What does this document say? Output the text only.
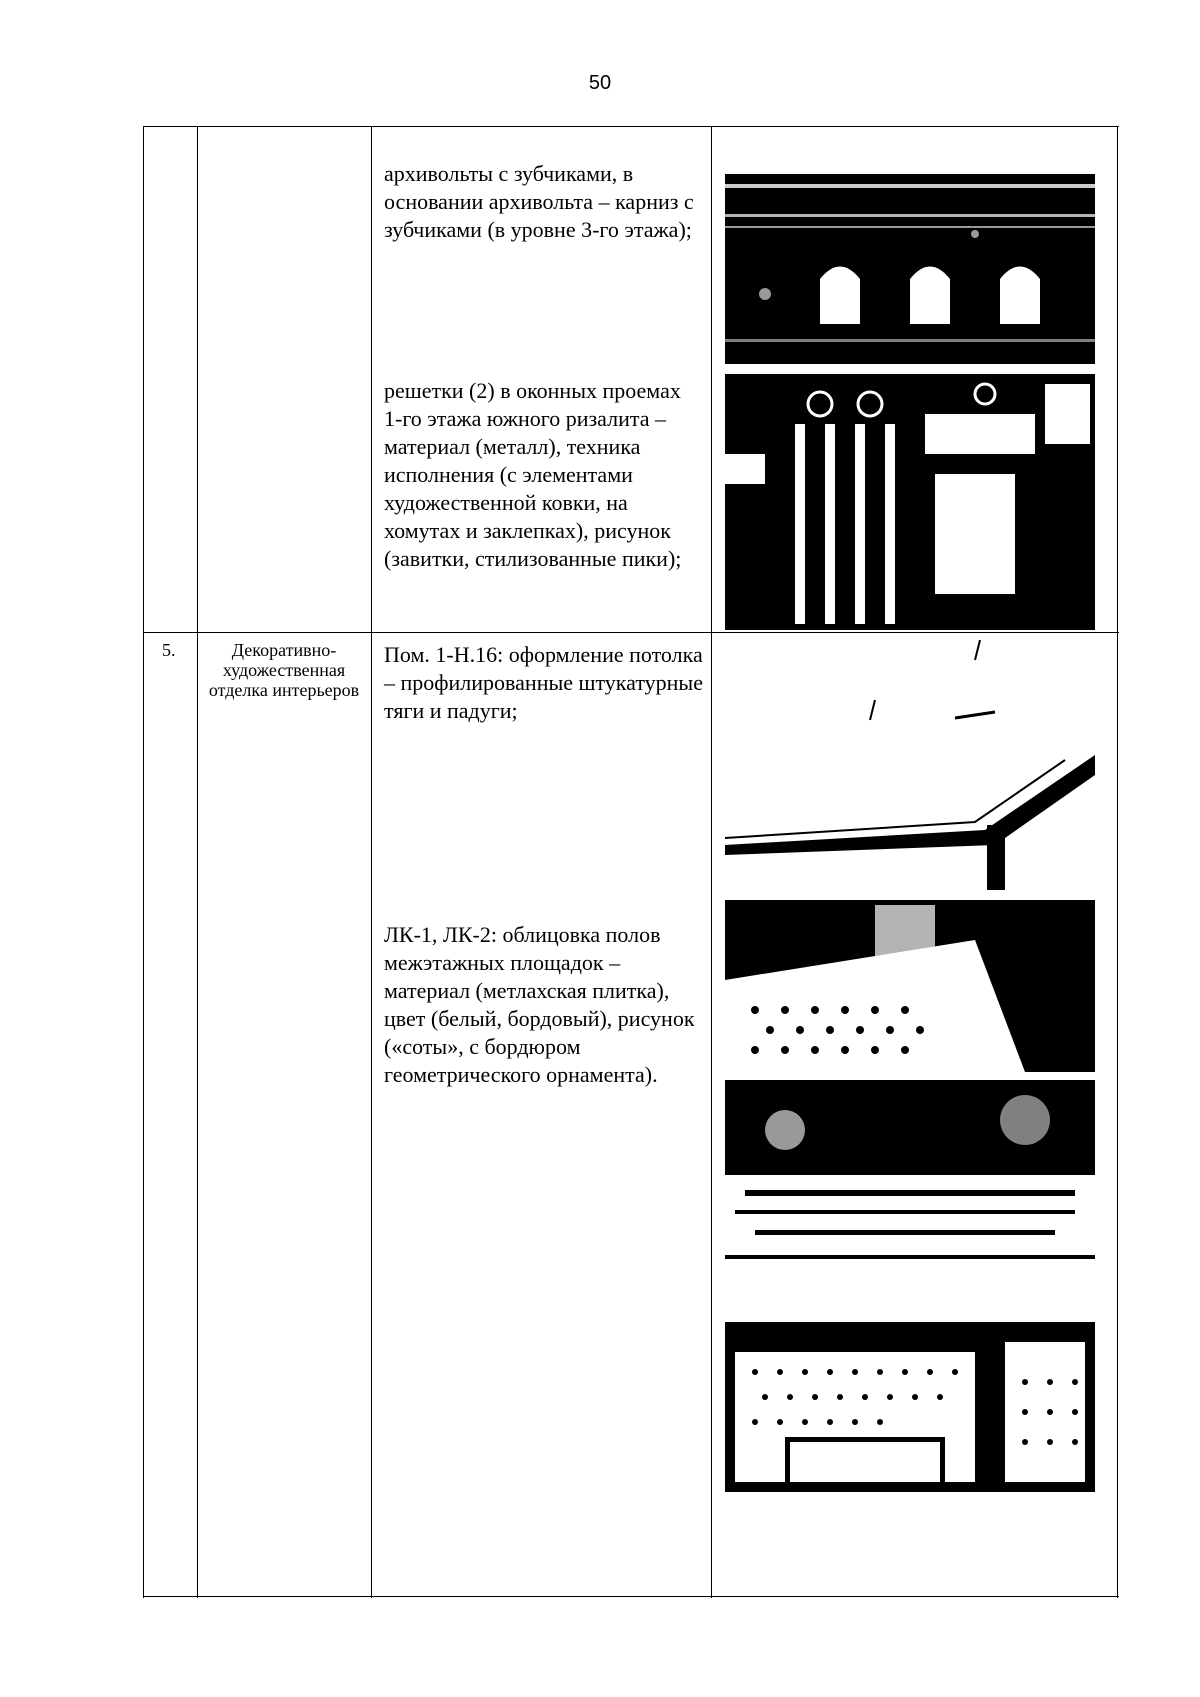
50
архивольты с зубчиками, в основании архивольта – карниз с зубчиками (в уровне 3-го этажа);
решетки (2) в оконных проемах 1-го этажа южного ризалита – материал (металл), техника исполнения (с элементами художественной ковки, на хомутах и заклепках), рисунок (завитки, стилизованные пики);
5.	Декоративно-художественная отделка интерьеров
Пом. 1-Н.16: оформление потолка – профилированные штукатурные тяги и падуги;
ЛК-1, ЛК-2: облицовка полов межэтажных площадок – материал (метлахская плитка), цвет (белый, бордовый), рисунок («соты», с бордюром геометрического орнамента).
